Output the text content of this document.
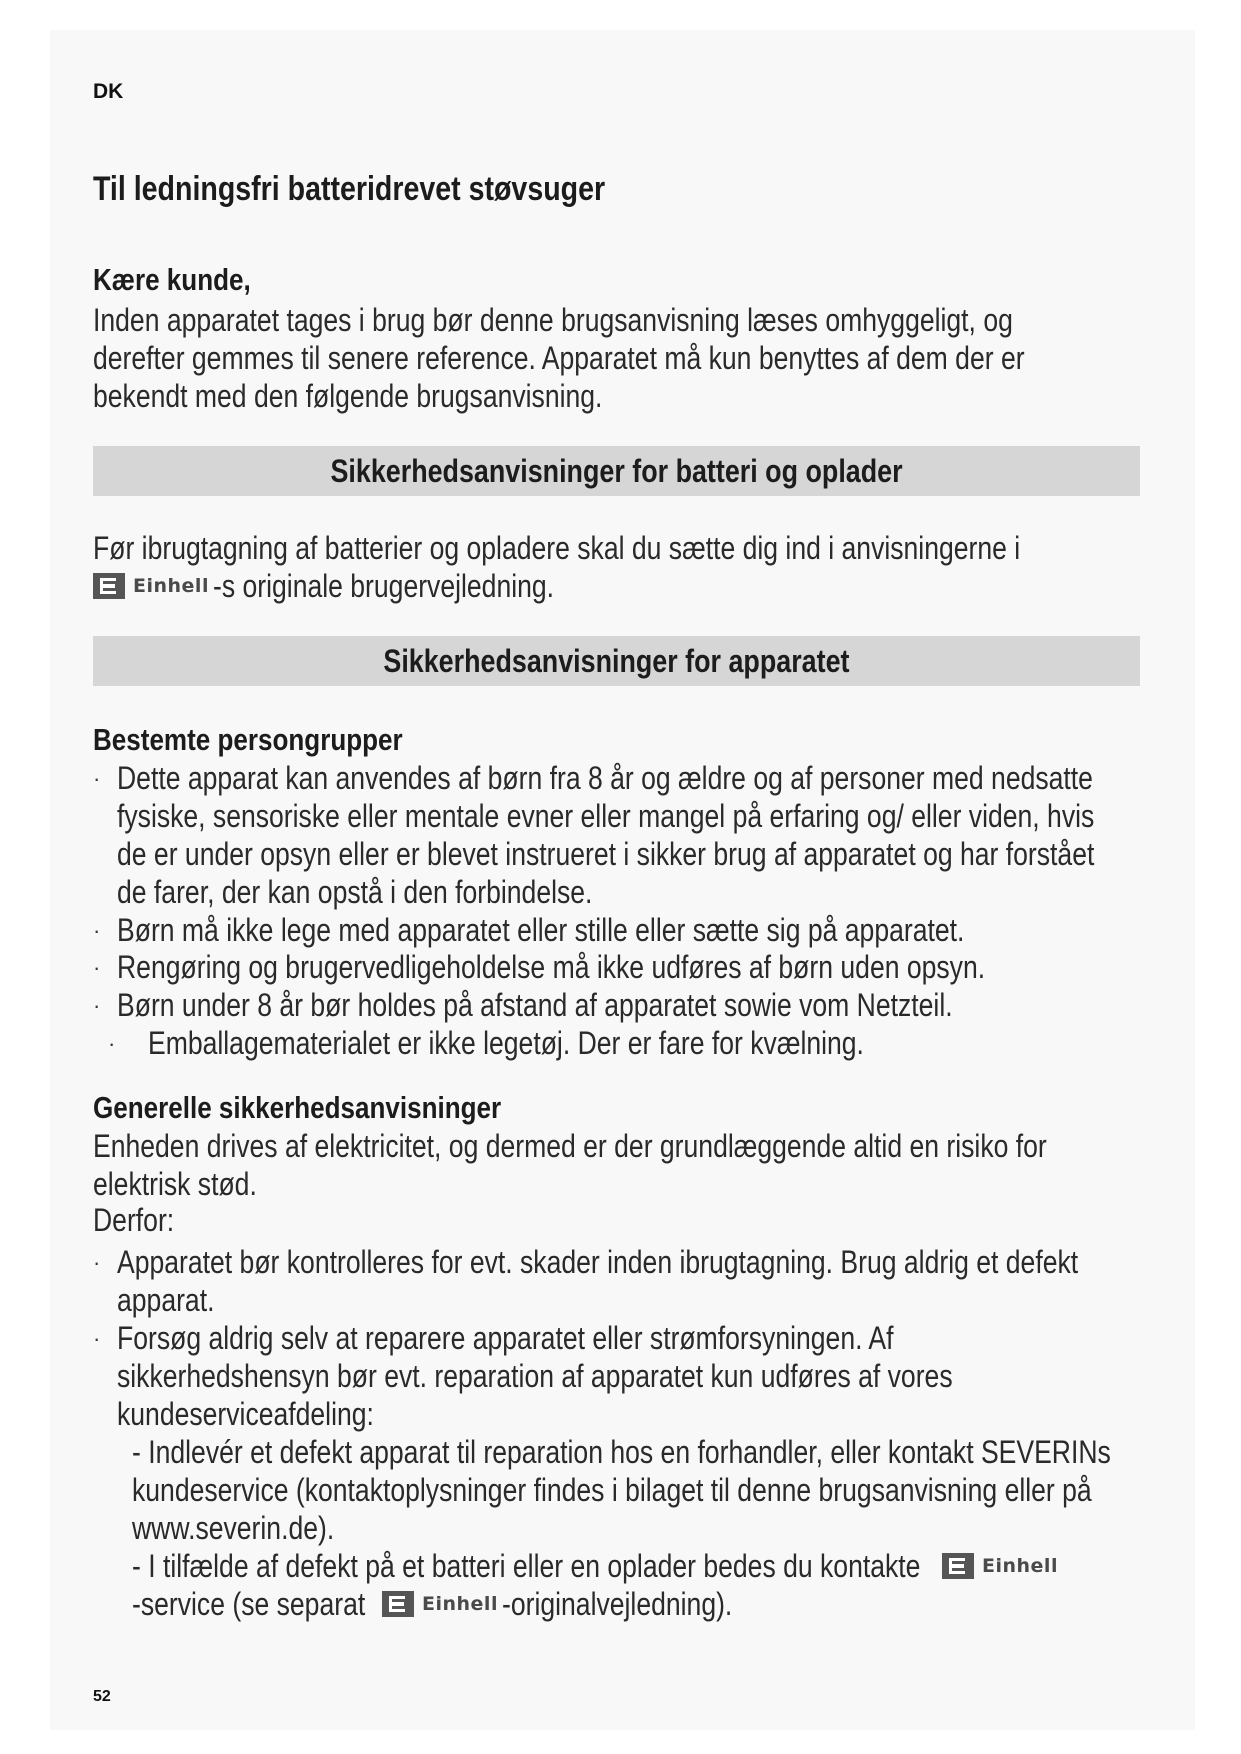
DK
Til ledningsfri batteridrevet støvsuger
Kære kunde,
Inden apparatet tages i brug bør denne brugsanvisning læses omhyggeligt, og
derefter gemmes til senere reference. Apparatet må kun benyttes af dem der er
bekendt med den følgende brugsanvisning.
Sikkerhedsanvisninger for batteri og oplader
Før ibrugtagning af batterier og opladere skal du sætte dig ind i anvisningerne i
Einhell -s originale brugervejledning.
Sikkerhedsanvisninger for apparatet
Bestemte persongrupper
· Dette apparat kan anvendes af børn fra 8 år og ældre og af personer med nedsatte
fysiske, sensoriske eller mentale evner eller mangel på erfaring og/ eller viden, hvis
de er under opsyn eller er blevet instrueret i sikker brug af apparatet og har forstået
de farer, der kan opstå i den forbindelse.
· Børn må ikke lege med apparatet eller stille eller sætte sig på apparatet.
· Rengøring og brugervedligeholdelse må ikke udføres af børn uden opsyn.
· Børn under 8 år bør holdes på afstand af apparatet sowie vom Netzteil.
· Emballagematerialet er ikke legetøj. Der er fare for kvælning.
Generelle sikkerhedsanvisninger
Enheden drives af elektricitet, og dermed er der grundlæggende altid en risiko for
elektrisk stød.
Derfor:
· Apparatet bør kontrolleres for evt. skader inden ibrugtagning. Brug aldrig et defekt
apparat.
· Forsøg aldrig selv at reparere apparatet eller strømforsyningen. Af
sikkerhedshensyn bør evt. reparation af apparatet kun udføres af vores
kundeserviceafdeling:
- Indlevér et defekt apparat til reparation hos en forhandler, eller kontakt SEVERINs
kundeservice (kontaktoplysninger findes i bilaget til denne brugsanvisning eller på
www.severin.de).
- I tilfælde af defekt på et batteri eller en oplader bedes du kontakte	Einhell
-service (se separat	Einhell -originalvejledning).
52
